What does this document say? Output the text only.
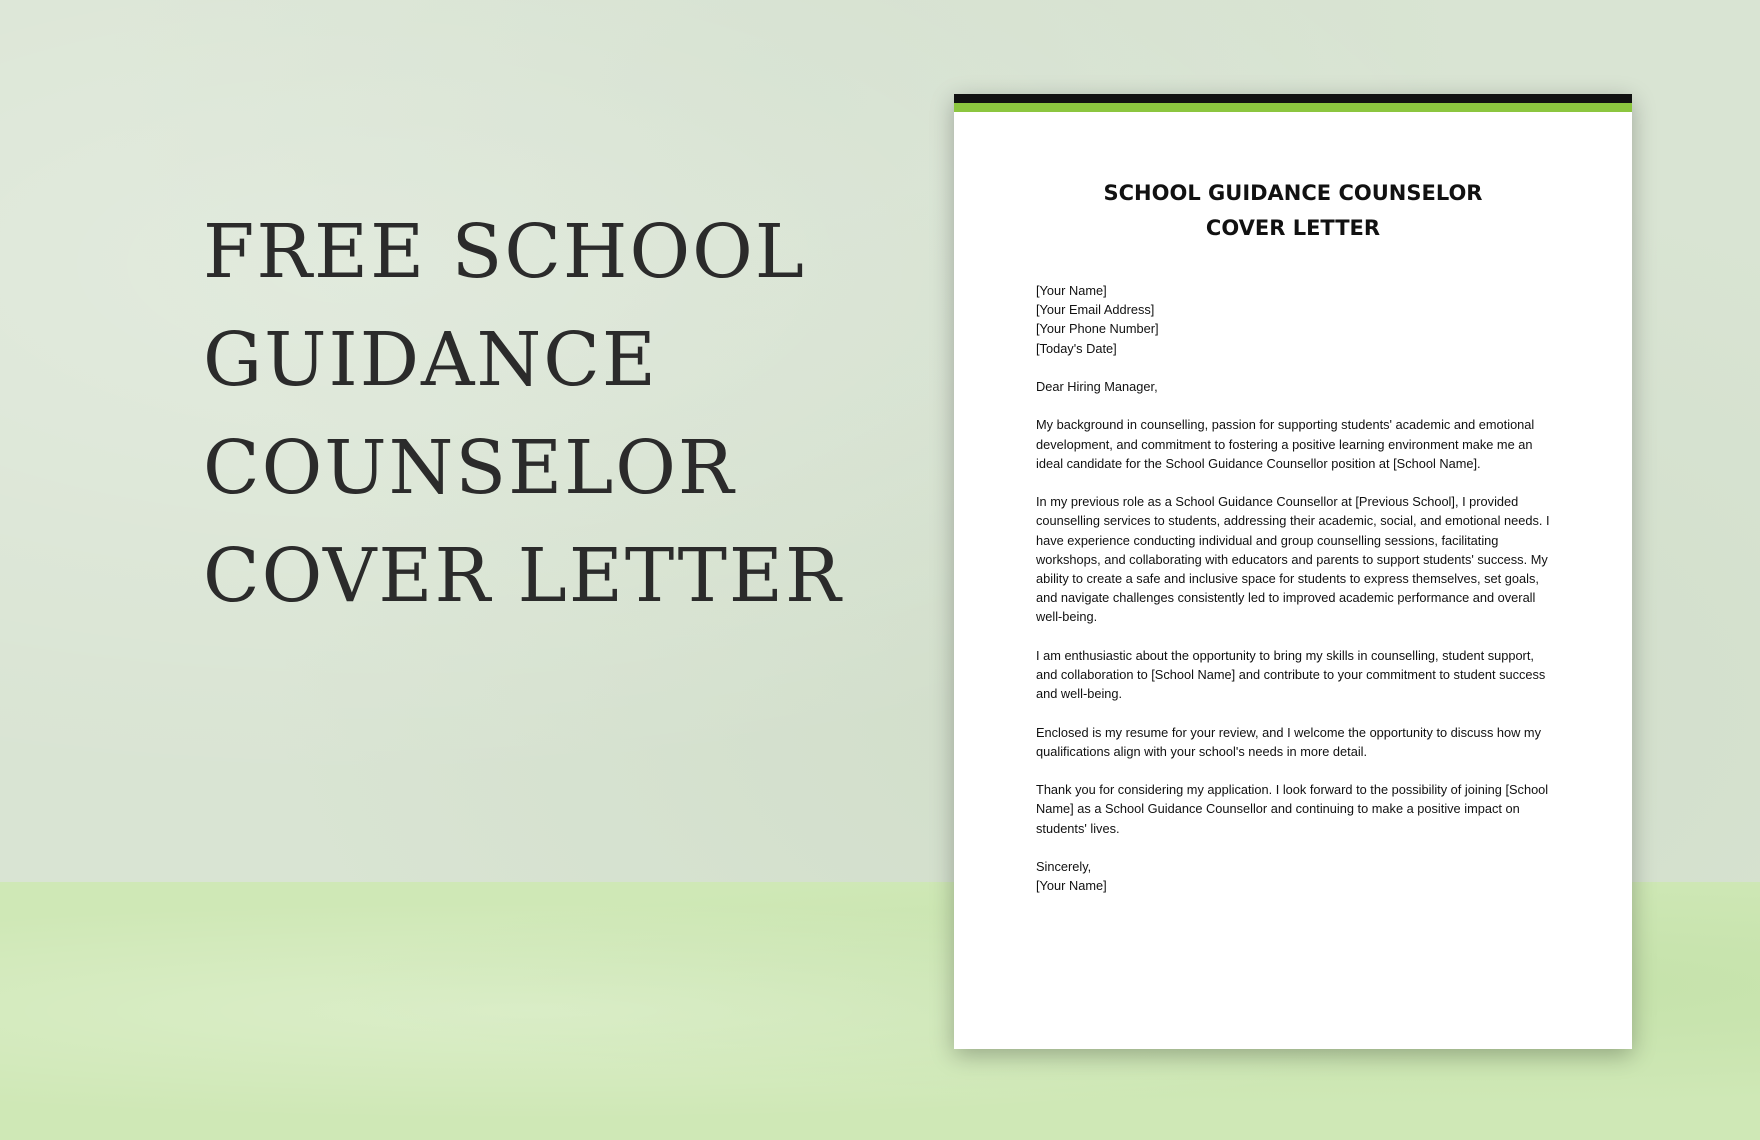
FREE SCHOOL
GUIDANCE
COUNSELOR
COVER LETTER
SCHOOL GUIDANCE COUNSELOR
COVER LETTER
[Your Name]
[Your Email Address]
[Your Phone Number]
[Today's Date]

Dear Hiring Manager,

My background in counselling, passion for supporting students' academic and emotional development, and commitment to fostering a positive learning environment make me an ideal candidate for the School Guidance Counsellor position at [School Name].

In my previous role as a School Guidance Counsellor at [Previous School], I provided counselling services to students, addressing their academic, social, and emotional needs. I have experience conducting individual and group counselling sessions, facilitating workshops, and collaborating with educators and parents to support students' success. My ability to create a safe and inclusive space for students to express themselves, set goals, and navigate challenges consistently led to improved academic performance and overall well-being.

I am enthusiastic about the opportunity to bring my skills in counselling, student support, and collaboration to [School Name] and contribute to your commitment to student success and well-being.

Enclosed is my resume for your review, and I welcome the opportunity to discuss how my qualifications align with your school's needs in more detail.

Thank you for considering my application. I look forward to the possibility of joining [School Name] as a School Guidance Counsellor and continuing to make a positive impact on students' lives.

Sincerely,
[Your Name]
